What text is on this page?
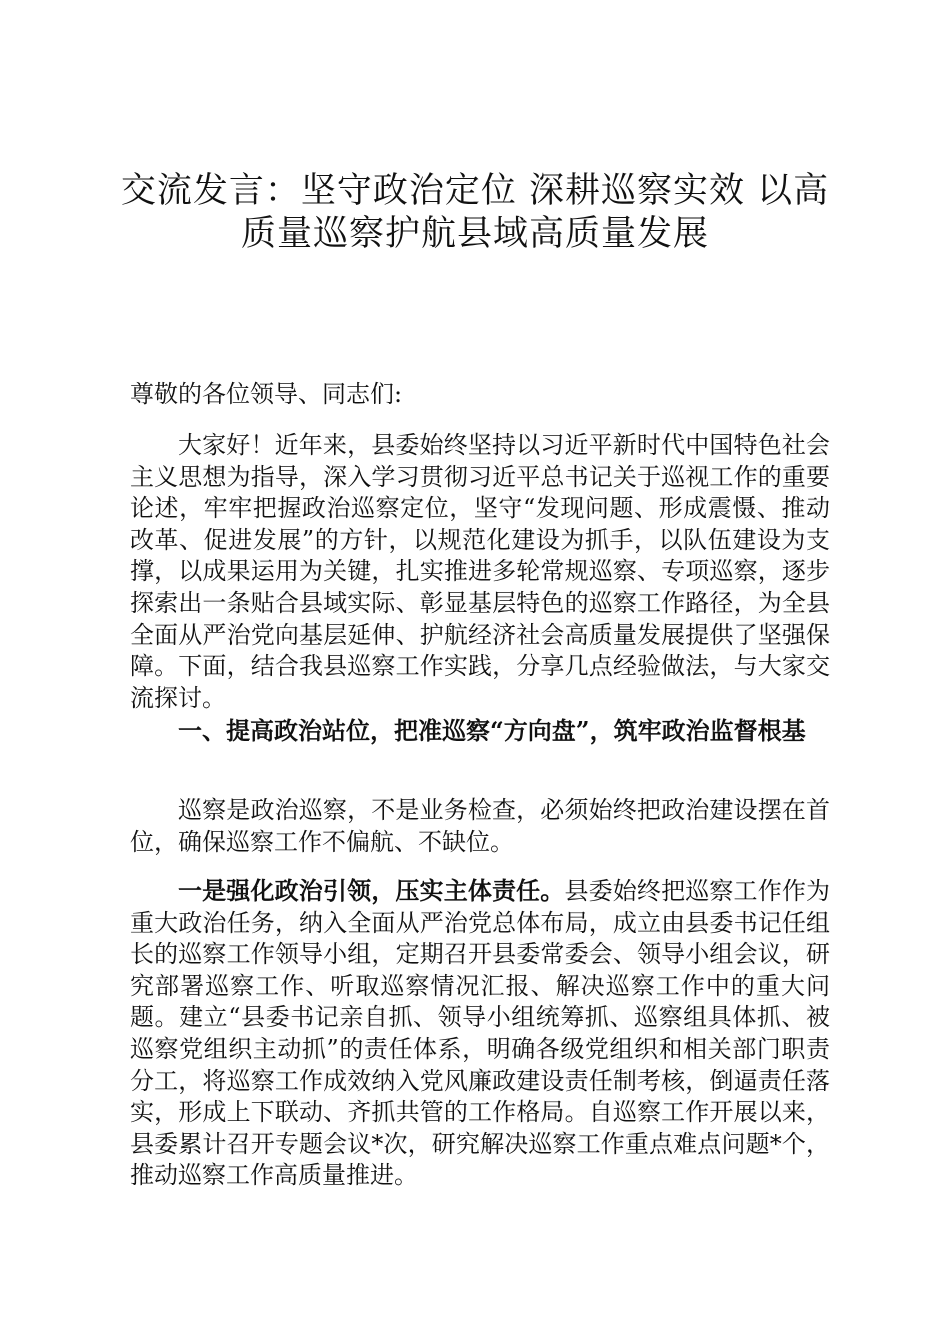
交流发言：坚守政治定位 深耕巡察实效 以高质量巡察护航县域高质量发展

尊敬的各位领导、同志们:

大家好！近年来，县委始终坚持以习近平新时代中国特色社会主义思想为指导，深入学习贯彻习近平总书记关于巡视工作的重要论述，牢牢把握政治巡察定位，坚守“发现问题、形成震慑、推动改革、促进发展”的方针，以规范化建设为抓手，以队伍建设为支撑，以成果运用为关键，扎实推进多轮常规巡察、专项巡察，逐步探索出一条贴合县域实际、彰显基层特色的巡察工作路径，为全县全面从严治党向基层延伸、护航经济社会高质量发展提供了坚强保障。下面，结合我县巡察工作实践，分享几点经验做法，与大家交流探讨。

一、提高政治站位，把准巡察“方向盘”，筑牢政治监督根基

巡察是政治巡察，不是业务检查，必须始终把政治建设摆在首位，确保巡察工作不偏航、不缺位。

一是强化政治引领，压实主体责任。县委始终把巡察工作作为重大政治任务，纳入全面从严治党总体布局，成立由县委书记任组长的巡察工作领导小组，定期召开县委常委会、领导小组会议，研究部署巡察工作、听取巡察情况汇报、解决巡察工作中的重大问题。建立“县委书记亲自抓、领导小组统筹抓、巡察组具体抓、被巡察党组织主动抓”的责任体系，明确各级党组织和相关部门职责分工，将巡察工作成效纳入党风廉政建设责任制考核，倒逼责任落实，形成上下联动、齐抓共管的工作格局。自巡察工作开展以来，县委累计召开专题会议*次，研究解决巡察工作重点难点问题*个，推动巡察工作高质量推进。
